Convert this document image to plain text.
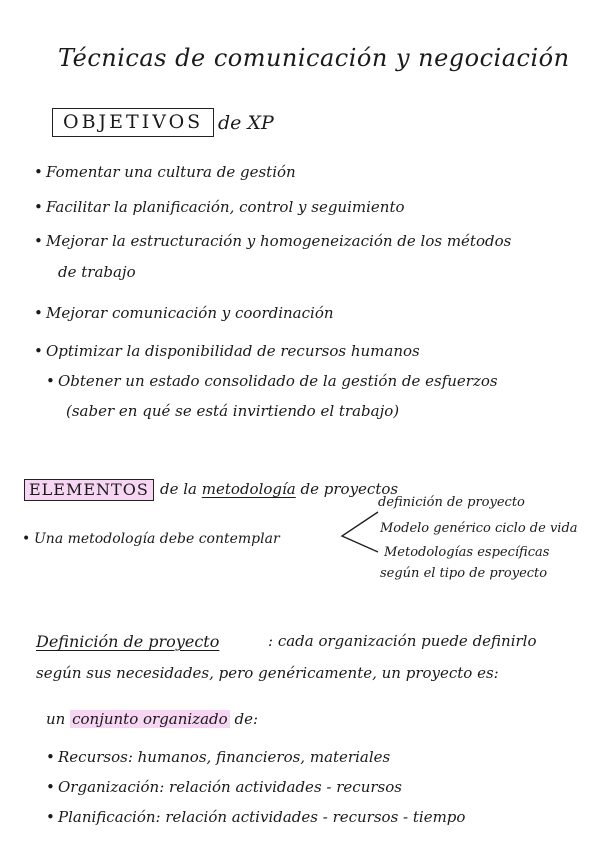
Técnicas de comunicación y negociación
OBJETIVOS de XP
• Fomentar una cultura de gestión
• Facilitar la planificación, control y seguimiento
• Mejorar la estructuración y homogeneización de los métodos
de trabajo
• Mejorar comunicación y coordinación
• Optimizar la disponibilidad de recursos humanos
• Obtener un estado consolidado de la gestión de esfuerzos
(saber en qué se está invirtiendo el trabajo)
ELEMENTOS de la metodología de proyectos
• Una metodología debe contemplar
definición de proyecto
Modelo genérico ciclo de vida
Metodologías específicas
según el tipo de proyecto
Definición de proyecto	: cada organización puede definirlo
según sus necesidades, pero genéricamente, un proyecto es:
un conjunto organizado de:
• Recursos: humanos, financieros, materiales
• Organización: relación actividades - recursos
• Planificación: relación actividades - recursos - tiempo
